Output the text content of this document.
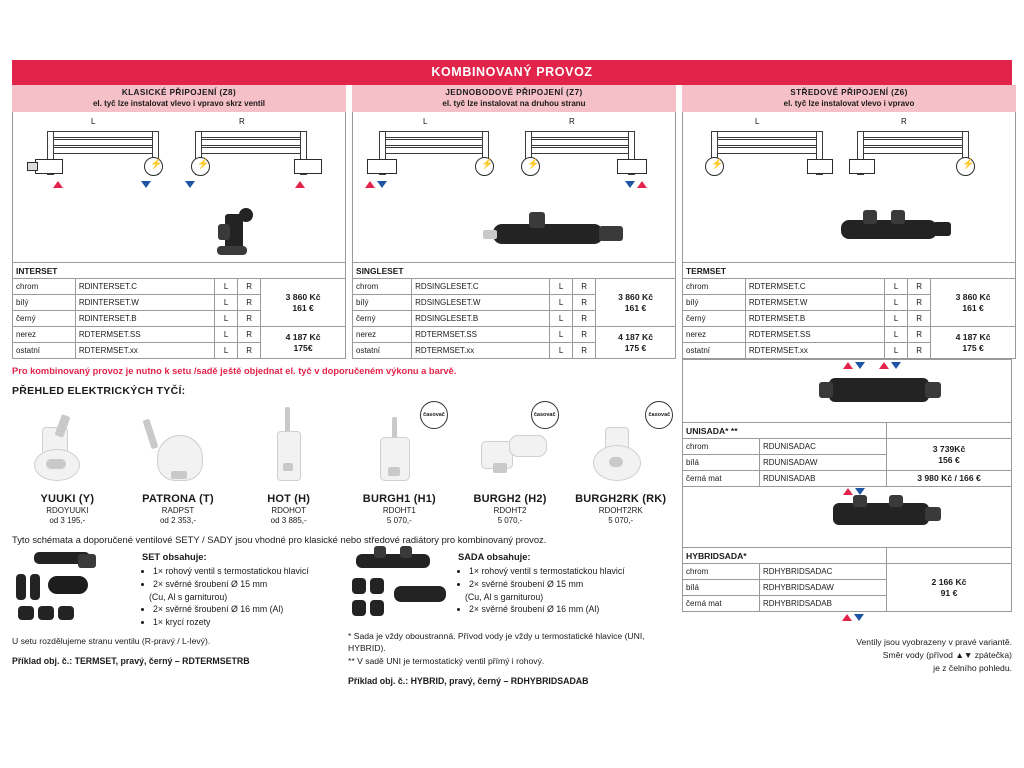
KOMBINOVANÝ PROVOZ
KLASICKÉ PŘIPOJENÍ (Z8)
el. tyč lze instalovat vlevo i vpravo skrz ventil
L
⚡
R
⚡
JEDNOBODOVÉ PŘIPOJENÍ (Z7)
el. tyč lze instalovat na druhou stranu
L
⚡
R
⚡
STŘEDOVÉ PŘIPOJENÍ (Z6)
el. tyč lze instalovat vlevo i vpravo
L
⚡
R
⚡
INTERSET				
chrom	RDINTERSET.C	L	R	3 860 Kč
161 €
bílý	RDINTERSET.W	L	R	
černý	RDINTERSET.B	L	R	
nerez	RDTERMSET.SS	L	R	4 187 Kč
175€
ostatní	RDTERMSET.xx	L	R	
SINGLESET				
chrom	RDSINGLESET.C	L	R	3 860 Kč
161 €
bílý	RDSINGLESET.W	L	R	
černý	RDSINGLESET.B	L	R	
nerez	RDTERMSET.SS	L	R	4 187 Kč
175 €
ostatní	RDTERMSET.xx	L	R	
TERMSET				
chrom	RDTERMSET.C	L	R	3 860 Kč
161 €
bílý	RDTERMSET.W	L	R	
černý	RDTERMSET.B	L	R	
nerez	RDTERMSET.SS	L	R	4 187 Kč
175 €
ostatní	RDTERMSET.xx	L	R	
Pro kombinovaný provoz je nutno k setu /sadě ještě objednat el. tyč v doporučeném výkonu a barvě.
PŘEHLED ELEKTRICKÝCH TYČÍ:
YUUKI (Y)
RDOYUUKI
od 3 195,-
PATRONA (T)
RADPST
od 2 353,-
HOT (H)
RDOHOT
od 3 885,-
časovač
BURGH1 (H1)
RDOHT1
5 070,-
časovač
BURGH2 (H2)
RDOHT2
5 070,-
časovač
BURGH2RK (RK)
RDOHT2RK
5 070,-
Tyto schémata a doporučené ventilové SETY / SADY jsou vhodné pro klasické nebo středové radiátory pro kombinovaný provoz.
SET obsahuje:
• 1× rohový ventil s termostatickou hlavicí
• 2× svěrné šroubení Ø 15 mm
(Cu, Al s garniturou)
• 2× svěrné šroubení Ø 16 mm (Al)
• 1× krycí rozety
U setu rozdělujeme stranu ventilu (R-pravý / L-levý).
Příklad obj. č.: TERMSET, pravý, černý – RDTERMSETRB
SADA obsahuje:
• 1× rohový ventil s termostatickou hlavicí
• 2× svěrné šroubení Ø 15 mm
(Cu, Al s garniturou)
• 2× svěrné šroubení Ø 16 mm (Al)
* Sada je vždy oboustranná. Přívod vody je vždy u termostatické hlavice (UNI, HYBRID).
** V sadě UNI je termostatický ventil přímý i rohový.
Příklad obj. č.: HYBRID, pravý, černý – RDHYBRIDSADAB
UNISADA* **		
chrom	RDUNISADAC	3 739Kč
156 €
bílá	RDUNISADAW	
černá mat	RDUNISADAB	3 980 Kč / 166 €
HYBRIDSADA*		
chrom	RDHYBRIDSADAC	2 166 Kč
91 €
bílá	RDHYBRIDSADAW	
černá mat	RDHYBRIDSADAB	
Ventily jsou vyobrazeny v pravé variantě.
Směr vody (přívod ▲▼ zpátečka)
je z čelního pohledu.
